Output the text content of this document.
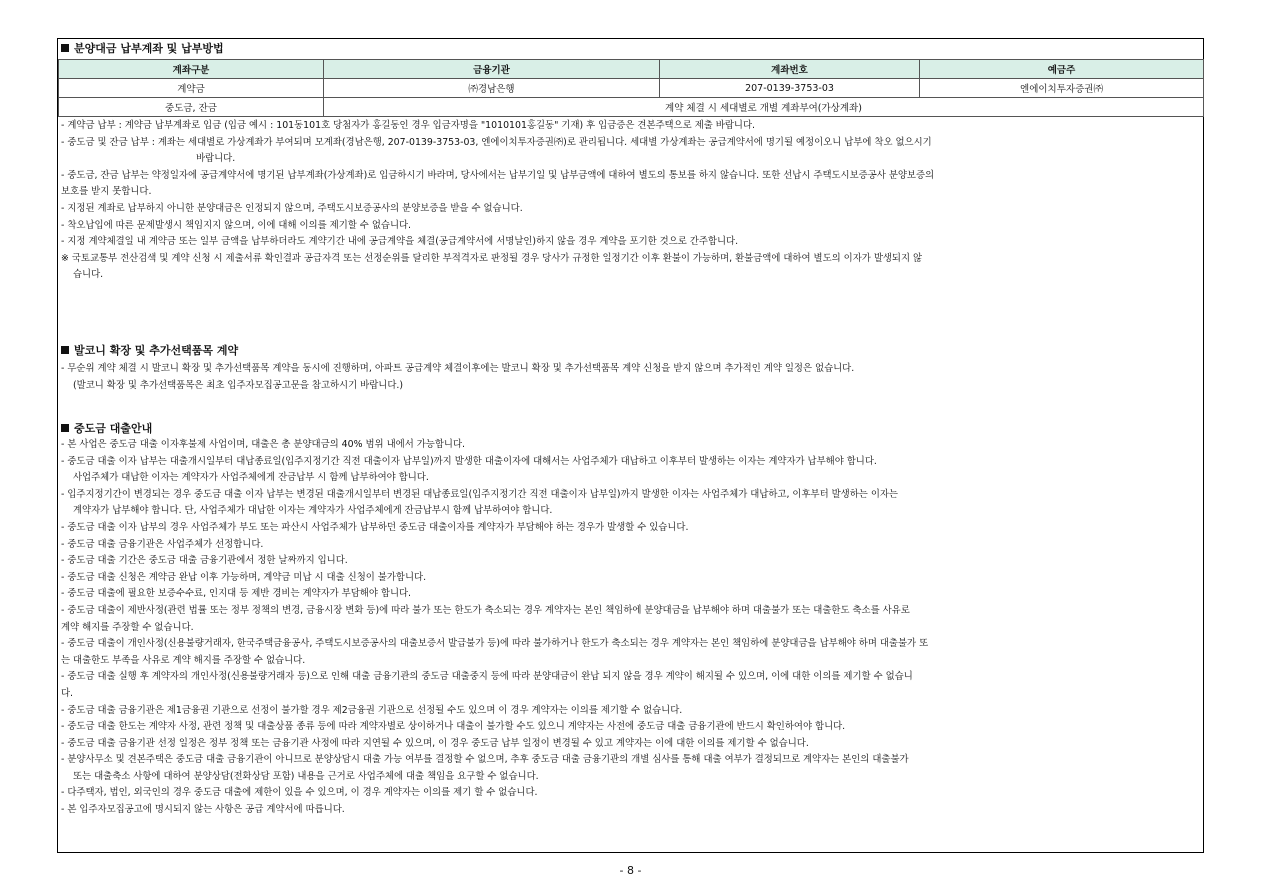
분양대금 납부계좌 및 납부방법
계좌구분	금융기관	계좌번호	예금주
계약금	㈜경남은행	207-0139-3753-03	엔에이치투자증권㈜
중도금, 잔금	계약 체결 시 세대별로 개별 계좌부여(가상계좌)		
- 계약금 납부 : 계약금 납부계좌로 입금 (입금 예시 : 101동101호 당첨자가 홍길동인 경우 입금자명을 "1010101홍길동" 기재) 후 입금증은 견본주택으로 제출 바랍니다.
- 중도금 및 잔금 납부 : 계좌는 세대별로 가상계좌가 부여되며 모계좌(경남은행, 207-0139-3753-03, 엔에이치투자증권㈜)로 관리됩니다. 세대별 가상계좌는 공급계약서에 명기될 예정이오니 납부에 착오 없으시기
바랍니다.
- 중도금, 잔금 납부는 약정일자에 공급계약서에 명기된 납부계좌(가상계좌)로 입금하시기 바라며, 당사에서는 납부기일 및 납부금액에 대하여 별도의 통보를 하지 않습니다. 또한 선납시 주택도시보증공사 분양보증의
보호를 받지 못합니다.
- 지정된 계좌로 납부하지 아니한 분양대금은 인정되지 않으며, 주택도시보증공사의 분양보증을 받을 수 없습니다.
- 착오납입에 따른 문제발생시 책임지지 않으며, 이에 대해 이의를 제기할 수 없습니다.
- 지정 계약체결일 내 계약금 또는 일부 금액을 납부하더라도 계약기간 내에 공급계약을 체결(공급계약서에 서명날인)하지 않을 경우 계약을 포기한 것으로 간주합니다.
※ 국토교통부 전산검색 및 계약 신청 시 제출서류 확인결과 공급자격 또는 선정순위를 달리한 부적격자로 판정될 경우 당사가 규정한 일정기간 이후 환불이 가능하며, 환불금액에 대하여 별도의 이자가 발생되지 않
습니다.
발코니 확장 및 추가선택품목 계약
- 무순위 계약 체결 시 발코니 확장 및 추가선택품목 계약을 동시에 진행하며, 아파트 공급계약 체결이후에는 발코니 확장 및 추가선택품목 계약 신청을 받지 않으며 추가적인 계약 일정은 없습니다.
(발코니 확장 및 추가선택품목은 최초 입주자모집공고문을 참고하시기 바랍니다.)
중도금 대출안내
- 본 사업은 중도금 대출 이자후불제 사업이며, 대출은 총 분양대금의 40% 범위 내에서 가능합니다.
- 중도금 대출 이자 납부는 대출개시일부터 대납종료일(입주지정기간 직전 대출이자 납부일)까지 발생한 대출이자에 대해서는 사업주체가 대납하고 이후부터 발생하는 이자는 계약자가 납부해야 합니다.
사업주체가 대납한 이자는 계약자가 사업주체에게 잔금납부 시 함께 납부하여야 합니다.
- 입주지정기간이 변경되는 경우 중도금 대출 이자 납부는 변경된 대출개시일부터 변경된 대납종료일(입주지정기간 직전 대출이자 납부일)까지 발생한 이자는 사업주체가 대납하고, 이후부터 발생하는 이자는
계약자가 납부해야 합니다. 단, 사업주체가 대납한 이자는 계약자가 사업주체에게 잔금납부시 함께 납부하여야 합니다.
- 중도금 대출 이자 납부의 경우 사업주체가 부도 또는 파산시 사업주체가 납부하던 중도금 대출이자를 계약자가 부담해야 하는 경우가 발생할 수 있습니다.
- 중도금 대출 금융기관은 사업주체가 선정합니다.
- 중도금 대출 기간은 중도금 대출 금융기관에서 정한 날짜까지 입니다.
- 중도금 대출 신청은 계약금 완납 이후 가능하며, 계약금 미납 시 대출 신청이 불가합니다.
- 중도금 대출에 필요한 보증수수료, 인지대 등 제반 경비는 계약자가 부담해야 합니다.
- 중도금 대출이 제반사정(관련 법률 또는 정부 정책의 변경, 금융시장 변화 등)에 따라 불가 또는 한도가 축소되는 경우 계약자는 본인 책임하에 분양대금을 납부해야 하며 대출불가 또는 대출한도 축소를 사유로
계약 해지를 주장할 수 없습니다.
- 중도금 대출이 개인사정(신용불량거래자, 한국주택금융공사, 주택도시보증공사의 대출보증서 발급불가 등)에 따라 불가하거나 한도가 축소되는 경우 계약자는 본인 책임하에 분양대금을 납부해야 하며 대출불가 또
는 대출한도 부족을 사유로 계약 해지를 주장할 수 없습니다.
- 중도금 대출 실행 후 계약자의 개인사정(신용불량거래자 등)으로 인해 대출 금융기관의 중도금 대출중지 등에 따라 분양대금이 완납 되지 않을 경우 계약이 해지될 수 있으며, 이에 대한 이의를 제기할 수 없습니
다.
- 중도금 대출 금융기관은 제1금융권 기관으로 선정이 불가할 경우 제2금융권 기관으로 선정될 수도 있으며 이 경우 계약자는 이의를 제기할 수 없습니다.
- 중도금 대출 한도는 계약자 사정, 관련 정책 및 대출상품 종류 등에 따라 계약자별로 상이하거나 대출이 불가할 수도 있으니 계약자는 사전에 중도금 대출 금융기관에 반드시 확인하여야 합니다.
- 중도금 대출 금융기관 선정 일정은 정부 정책 또는 금융기관 사정에 따라 지연될 수 있으며, 이 경우 중도금 납부 일정이 변경될 수 있고 계약자는 이에 대한 이의를 제기할 수 없습니다.
- 분양사무소 및 견본주택은 중도금 대출 금융기관이 아니므로 분양상담시 대출 가능 여부를 결정할 수 없으며, 추후 중도금 대출 금융기관의 개별 심사를 통해 대출 여부가 결정되므로 계약자는 본인의 대출불가
또는 대출축소 사항에 대하여 분양상담(전화상담 포함) 내용을 근거로 사업주체에 대출 책임을 요구할 수 없습니다.
- 다주택자, 법인, 외국인의 경우 중도금 대출에 제한이 있을 수 있으며, 이 경우 계약자는 이의를 제기 할 수 없습니다.
- 본 입주자모집공고에 명시되지 않는 사항은 공급 계약서에 따릅니다.
- 8 -
